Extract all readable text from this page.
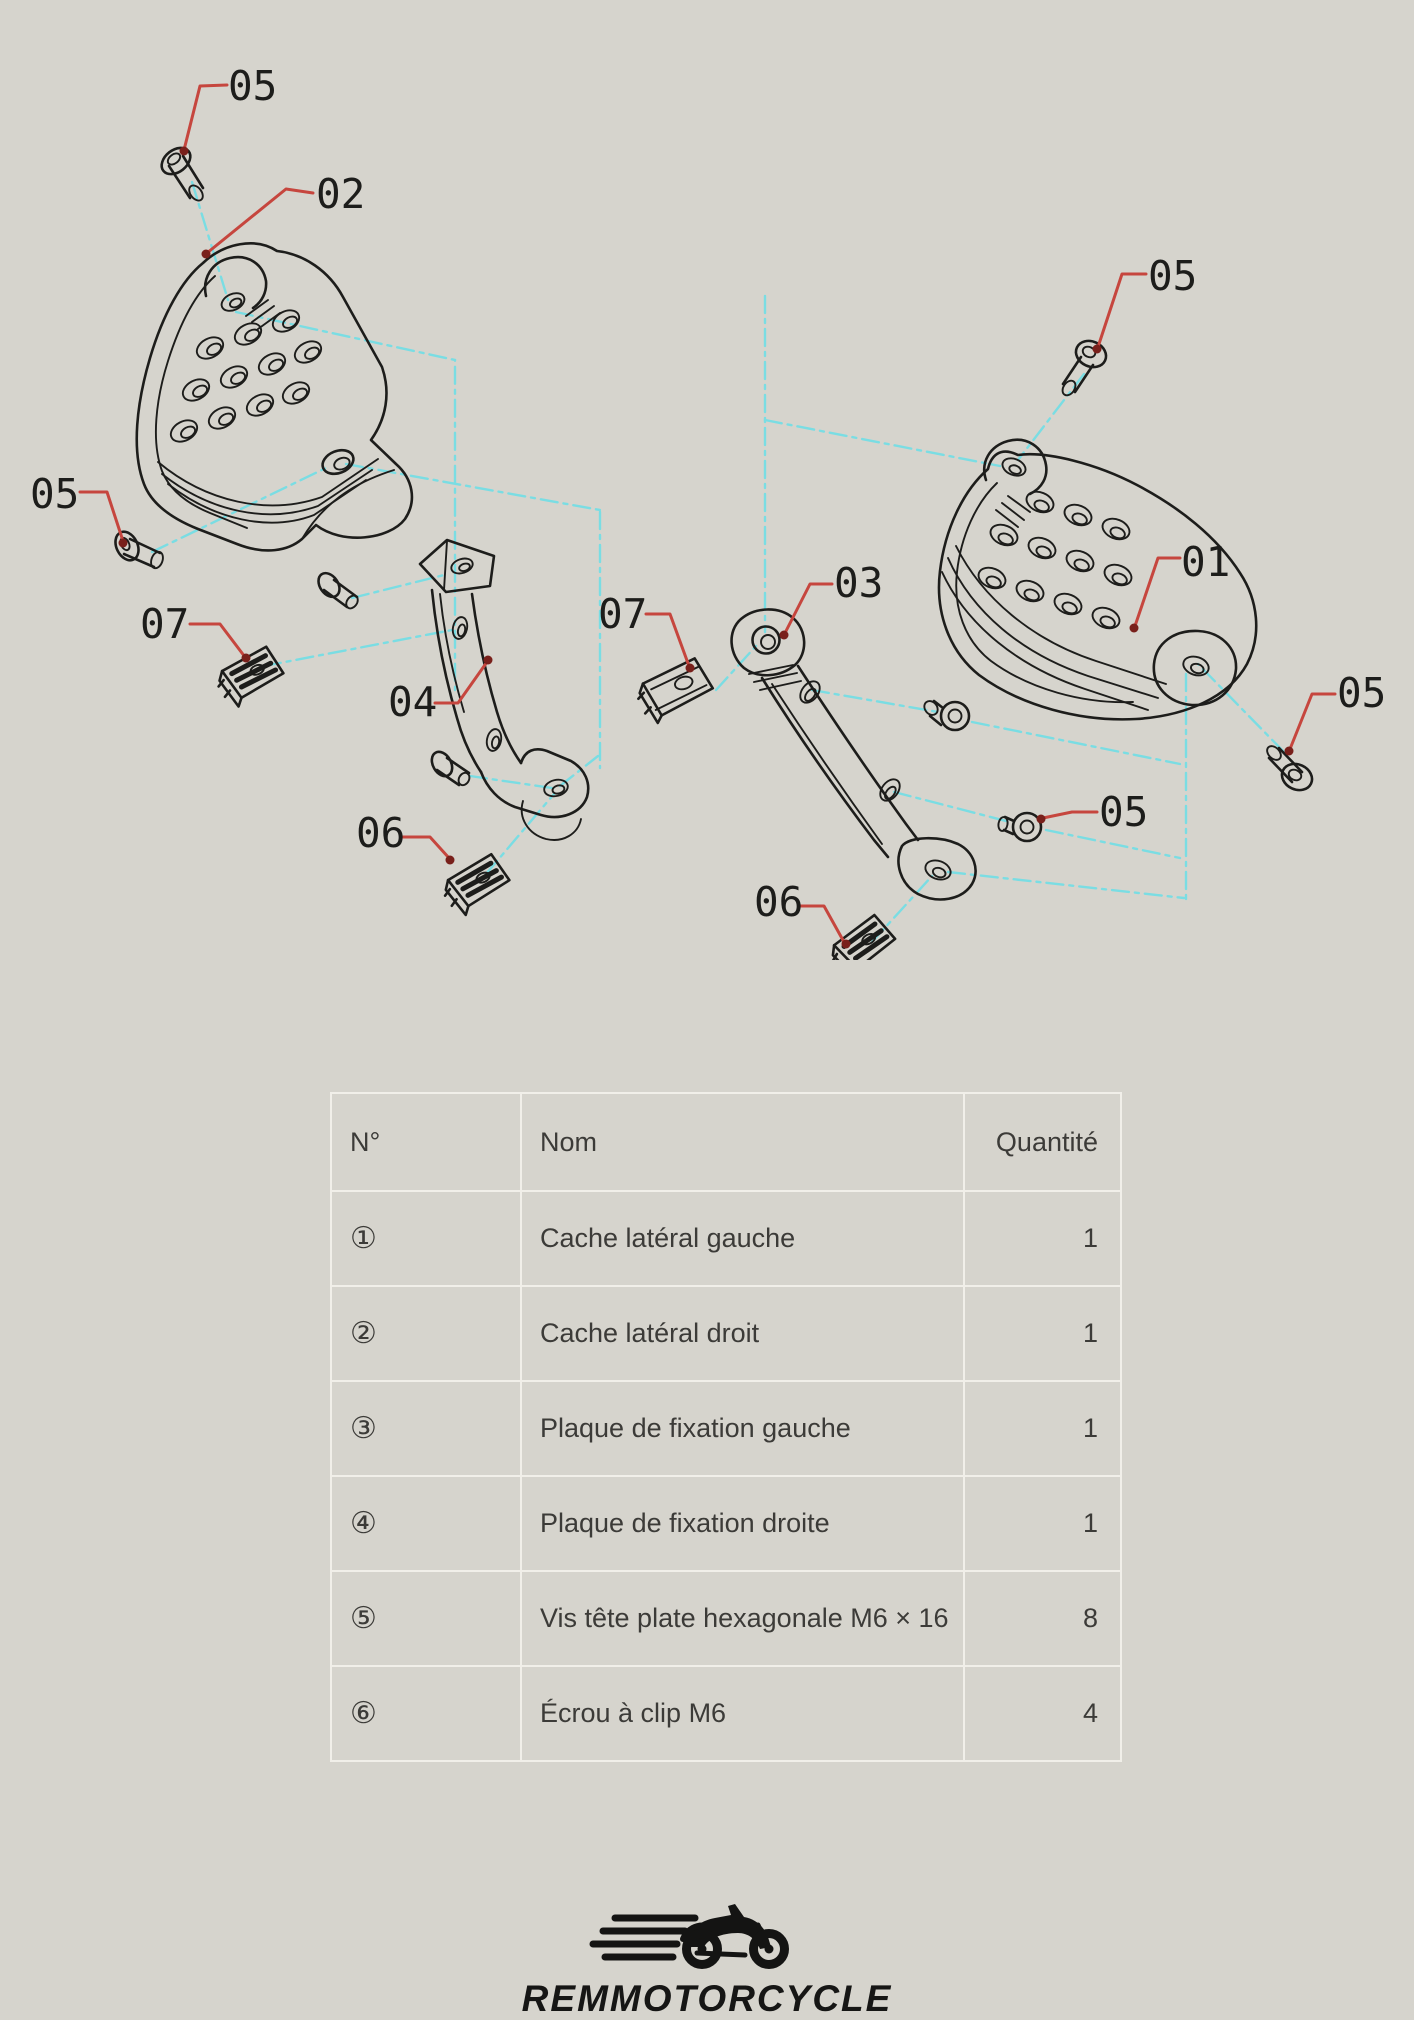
05
02
05
07
04
06
07
03	01
05
05
05
06
N°	Nom	Quantité
①	Cache latéral gauche	1
②	Cache latéral droit	1
③	Plaque de fixation gauche	1
④	Plaque de fixation droite	1
⑤	Vis tête plate hexagonale M6 × 16	8
⑥	Écrou à clip M6	4
REMMOTORCYCLE
